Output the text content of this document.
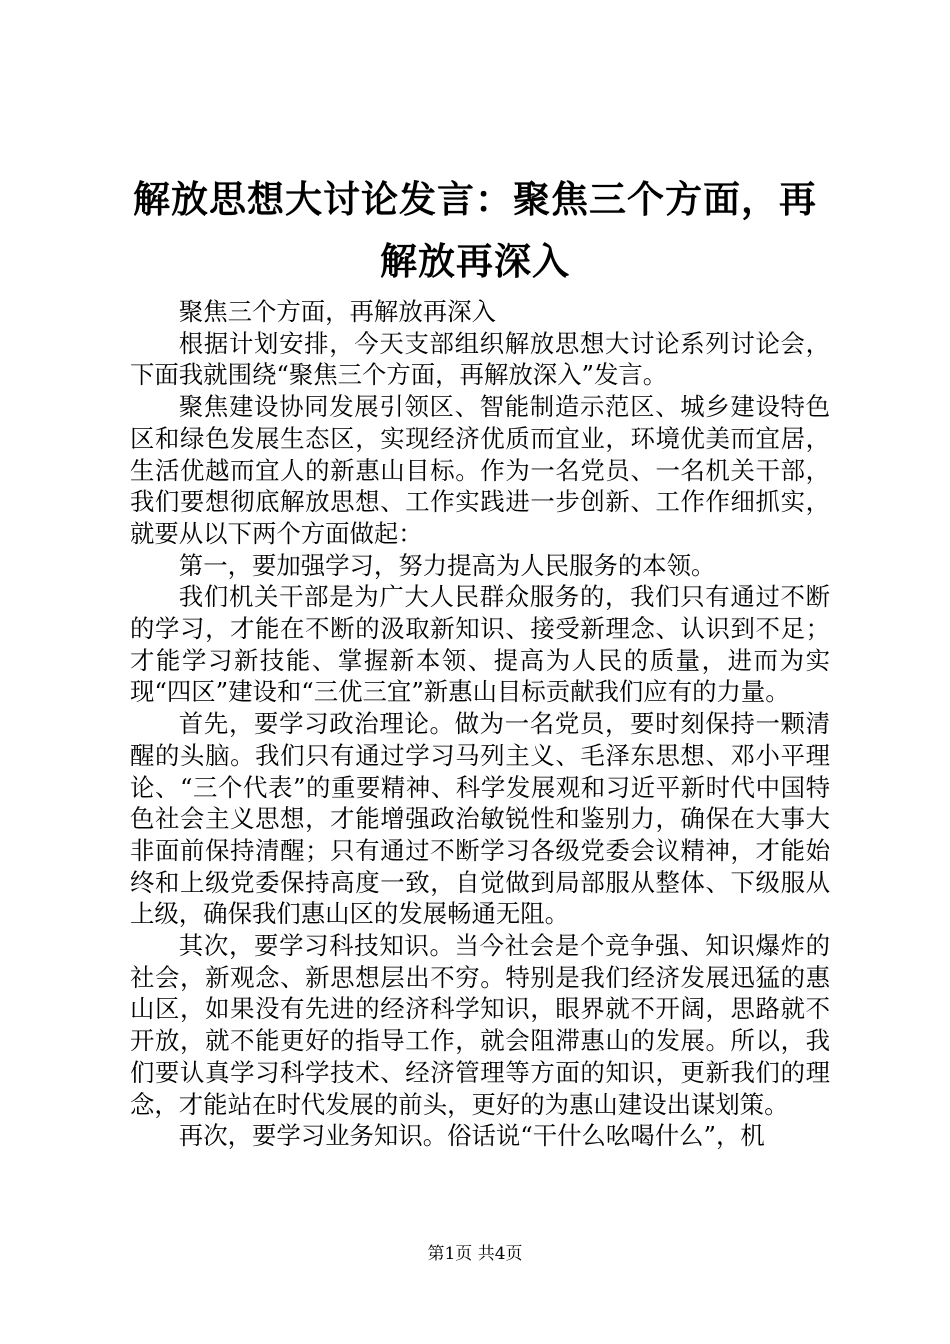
解放思想大讨论发言：聚焦三个方面，再解放再深入

聚焦三个方面，再解放再深入

根据计划安排，今天支部组织解放思想大讨论系列讨论会，下面我就围绕“聚焦三个方面，再解放深入”发言。

聚焦建设协同发展引领区、智能制造示范区、城乡建设特色区和绿色发展生态区，实现经济优质而宜业，环境优美而宜居，生活优越而宜人的新惠山目标。作为一名党员、一名机关干部，我们要想彻底解放思想、工作实践进一步创新、工作作细抓实，就要从以下两个方面做起：

第一，要加强学习，努力提高为人民服务的本领。

我们机关干部是为广大人民群众服务的，我们只有通过不断的学习，才能在不断的汲取新知识、接受新理念、认识到不足；才能学习新技能、掌握新本领、提高为人民的质量，进而为实现“四区”建设和“三优三宜”新惠山目标贡献我们应有的力量。

首先，要学习政治理论。做为一名党员，要时刻保持一颗清醒的头脑。我们只有通过学习马列主义、毛泽东思想、邓小平理论、“三个代表”的重要精神、科学发展观和习近平新时代中国特色社会主义思想，才能增强政治敏锐性和鉴别力，确保在大事大非面前保持清醒；只有通过不断学习各级党委会议精神，才能始终和上级党委保持高度一致，自觉做到局部服从整体、下级服从上级，确保我们惠山区的发展畅通无阻。

其次，要学习科技知识。当今社会是个竞争强、知识爆炸的社会，新观念、新思想层出不穷。特别是我们经济发展迅猛的惠山区，如果没有先进的经济科学知识，眼界就不开阔，思路就不开放，就不能更好的指导工作，就会阻滞惠山的发展。所以，我们要认真学习科学技术、经济管理等方面的知识，更新我们的理念，才能站在时代发展的前头，更好的为惠山建设出谋划策。

再次，要学习业务知识。俗话说“干什么吆喝什么”，机

第1页 共4页
